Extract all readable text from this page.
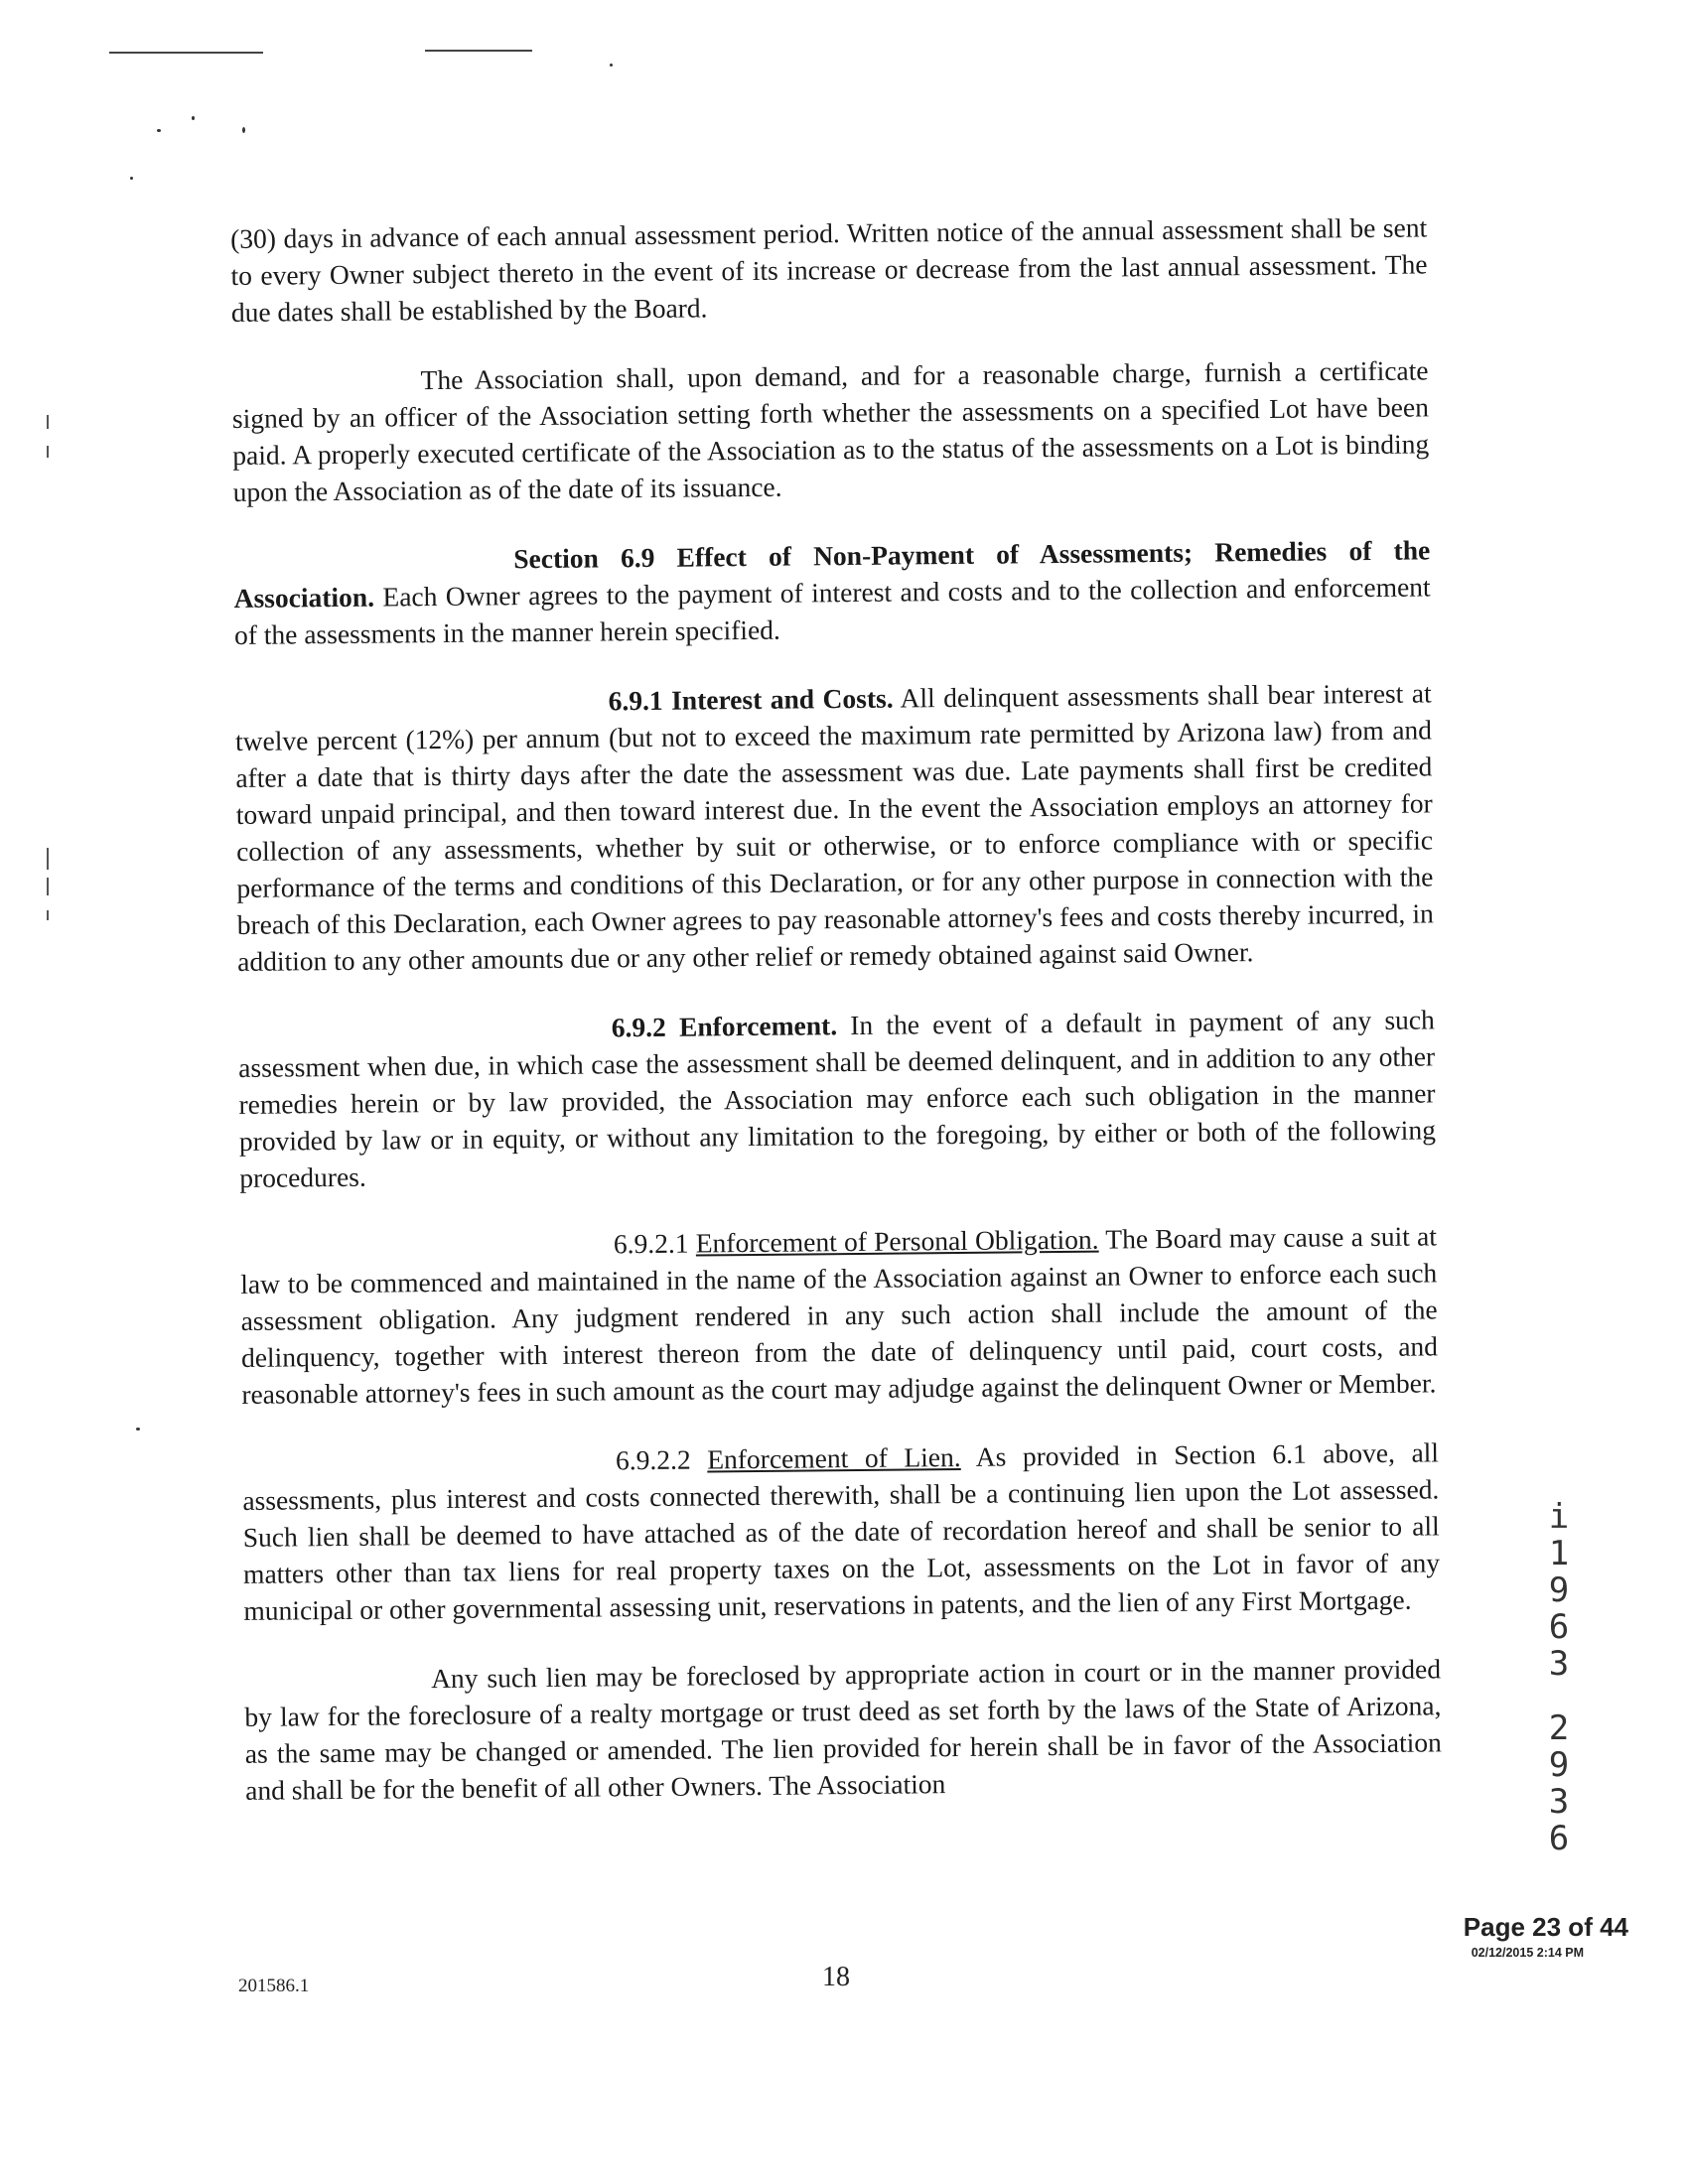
(30) days in advance of each annual assessment period. Written notice of the annual assessment shall be sent to every Owner subject thereto in the event of its increase or decrease from the last annual assessment. The due dates shall be established by the Board.

The Association shall, upon demand, and for a reasonable charge, furnish a certificate signed by an officer of the Association setting forth whether the assessments on a specified Lot have been paid. A properly executed certificate of the Association as to the status of the assessments on a Lot is binding upon the Association as of the date of its issuance.

Section 6.9 Effect of Non-Payment of Assessments; Remedies of the Association. Each Owner agrees to the payment of interest and costs and to the collection and enforcement of the assessments in the manner herein specified.

6.9.1 Interest and Costs. All delinquent assessments shall bear interest at twelve percent (12%) per annum (but not to exceed the maximum rate permitted by Arizona law) from and after a date that is thirty days after the date the assessment was due. Late payments shall first be credited toward unpaid principal, and then toward interest due. In the event the Association employs an attorney for collection of any assessments, whether by suit or otherwise, or to enforce compliance with or specific performance of the terms and conditions of this Declaration, or for any other purpose in connection with the breach of this Declaration, each Owner agrees to pay reasonable attorney's fees and costs thereby incurred, in addition to any other amounts due or any other relief or remedy obtained against said Owner.

6.9.2 Enforcement. In the event of a default in payment of any such assessment when due, in which case the assessment shall be deemed delinquent, and in addition to any other remedies herein or by law provided, the Association may enforce each such obligation in the manner provided by law or in equity, or without any limitation to the foregoing, by either or both of the following procedures.

6.9.2.1 Enforcement of Personal Obligation. The Board may cause a suit at law to be commenced and maintained in the name of the Association against an Owner to enforce each such assessment obligation. Any judgment rendered in any such action shall include the amount of the delinquency, together with interest thereon from the date of delinquency until paid, court costs, and reasonable attorney's fees in such amount as the court may adjudge against the delinquent Owner or Member.

6.9.2.2 Enforcement of Lien. As provided in Section 6.1 above, all assessments, plus interest and costs connected therewith, shall be a continuing lien upon the Lot assessed. Such lien shall be deemed to have attached as of the date of recordation hereof and shall be senior to all matters other than tax liens for real property taxes on the Lot, assessments on the Lot in favor of any municipal or other governmental assessing unit, reservations in patents, and the lien of any First Mortgage.

Any such lien may be foreclosed by appropriate action in court or in the manner provided by law for the foreclosure of a realty mortgage or trust deed as set forth by the laws of the State of Arizona, as the same may be changed or amended. The lien provided for herein shall be in favor of the Association and shall be for the benefit of all other Owners. The Association

i
1
9
6
3
2
9
3
6
Page 23 of 44
02/12/2015 2:14 PM
201586.1	18
